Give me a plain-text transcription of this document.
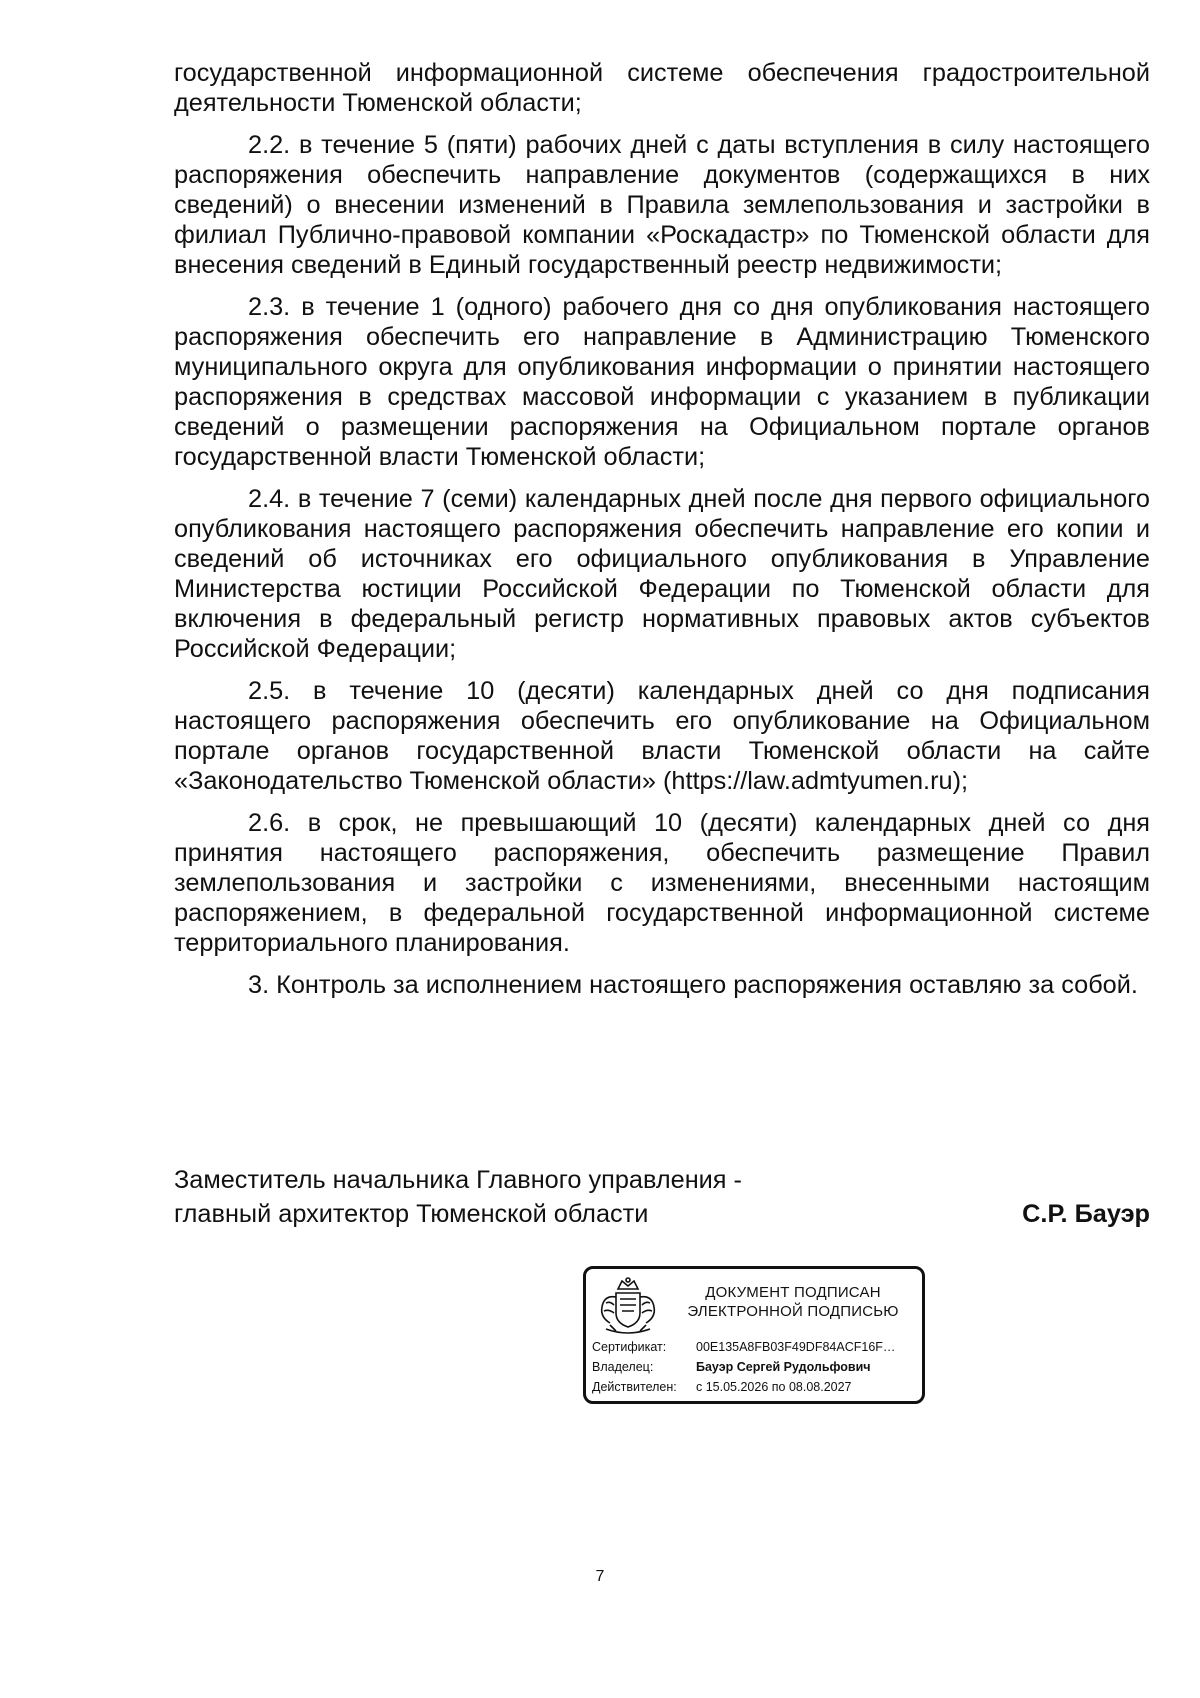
государственной информационной системе обеспечения градостроительной деятельности Тюменской области;

2.2. в течение 5 (пяти) рабочих дней с даты вступления в силу настоящего распоряжения обеспечить направление документов (содержащихся в них сведений) о внесении изменений в Правила землепользования и застройки в филиал Публично-правовой компании «Роскадастр» по Тюменской области для внесения сведений в Единый государственный реестр недвижимости;

2.3. в течение 1 (одного) рабочего дня со дня опубликования настоящего распоряжения обеспечить его направление в Администрацию Тюменского муниципального округа для опубликования информации о принятии настоящего распоряжения в средствах массовой информации с указанием в публикации сведений о размещении распоряжения на Официальном портале органов государственной власти Тюменской области;

2.4. в течение 7 (семи) календарных дней после дня первого официального опубликования настоящего распоряжения обеспечить направление его копии и сведений об источниках его официального опубликования в Управление Министерства юстиции Российской Федерации по Тюменской области для включения в федеральный регистр нормативных правовых актов субъектов Российской Федерации;

2.5. в течение 10 (десяти) календарных дней со дня подписания настоящего распоряжения обеспечить его опубликование на Официальном портале органов государственной власти Тюменской области на сайте «Законодательство Тюменской области» (https://law.admtyumen.ru);

2.6. в срок, не превышающий 10 (десяти) календарных дней со дня принятия настоящего распоряжения, обеспечить размещение Правил землепользования и застройки с изменениями, внесенными настоящим распоряжением, в федеральной государственной информационной системе территориального планирования.

3. Контроль за исполнением настоящего распоряжения оставляю за собой.

Заместитель начальника Главного управления -
главный архитектор Тюменской области	С.Р. Бауэр
ДОКУМЕНТ ПОДПИСАН
ЭЛЕКТРОННОЙ ПОДПИСЬЮ
Сертификат: 00E135A8FB03F49DF84ACF16F…
Владелец:	Бауэр Сергей Рудольфович
Действителен: с 15.05.2026 по 08.08.2027
7
